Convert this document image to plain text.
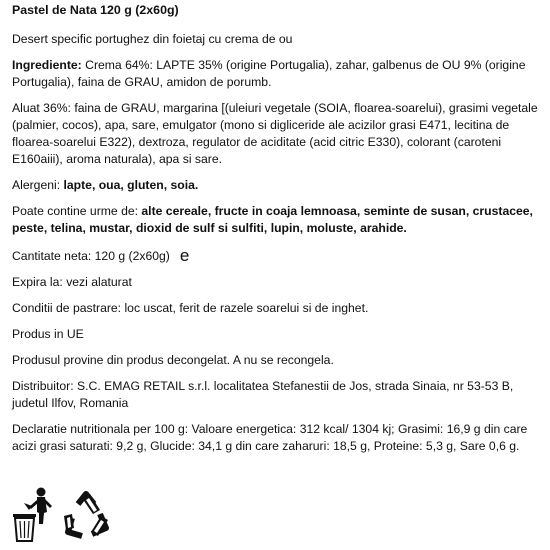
Pastel de Nata 120 g (2x60g)
Desert specific portughez din foietaj cu crema de ou
Ingrediente: Crema 64%: LAPTE 35% (origine Portugalia), zahar, galbenus de OU 9% (origine Portugalia), faina de GRAU, amidon de porumb.
Aluat 36%: faina de GRAU, margarina [(uleiuri vegetale (SOIA, floarea-soarelui), grasimi vegetale (palmier, cocos), apa, sare, emulgator (mono si digliceride ale acizilor grasi E471, lecitina de floarea-soarelui E322), dextroza, regulator de aciditate (acid citric E330), colorant (caroteni E160aiii), aroma naturala), apa si sare.
Alergeni: lapte, oua, gluten, soia.
Poate contine urme de: alte cereale, fructe in coaja lemnoasa, seminte de susan, crustacee, peste, telina, mustar, dioxid de sulf si sulfiti, lupin, moluste, arahide.
Cantitate neta: 120 g (2x60g) e
Expira la: vezi alaturat
Conditii de pastrare: loc uscat, ferit de razele soarelui si de inghet.
Produs in UE
Produsul provine din produs decongelat. A nu se recongela.
Distribuitor: S.C. EMAG RETAIL s.r.l. localitatea Stefanestii de Jos, strada Sinaia, nr 53-53 B, judetul Ilfov, Romania
Declaratie nutritionala per 100 g: Valoare energetica: 312 kcal/ 1304 kj; Grasimi: 16,9 g din care acizi grasi saturati: 9,2 g, Glucide: 34,1 g din care zaharuri: 18,5 g, Proteine: 5,3 g, Sare 0,6 g.
